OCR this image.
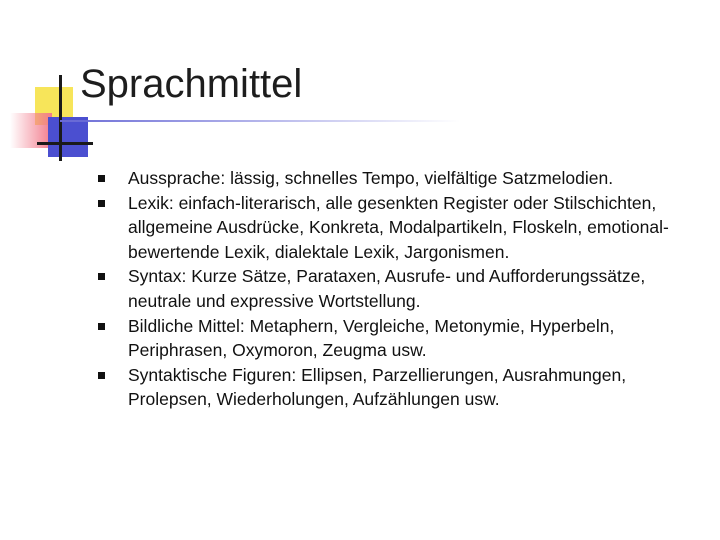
Sprachmittel
Aussprache: lässig, schnelles Tempo, vielfältige Satzmelodien.
Lexik: einfach-literarisch, alle gesenkten Register oder Stilschichten, allgemeine Ausdrücke, Konkreta, Modalpartikeln, Floskeln, emotional-bewertende Lexik, dialektale Lexik, Jargonismen.
Syntax: Kurze Sätze, Parataxen, Ausrufe- und Aufforderungssätze, neutrale und expressive Wortstellung.
Bildliche Mittel: Metaphern, Vergleiche, Metonymie, Hyperbeln, Periphrasen, Oxymoron, Zeugma usw.
Syntaktische Figuren: Ellipsen, Parzellierungen, Ausrahmungen, Prolepsen, Wiederholungen, Aufzählungen usw.
